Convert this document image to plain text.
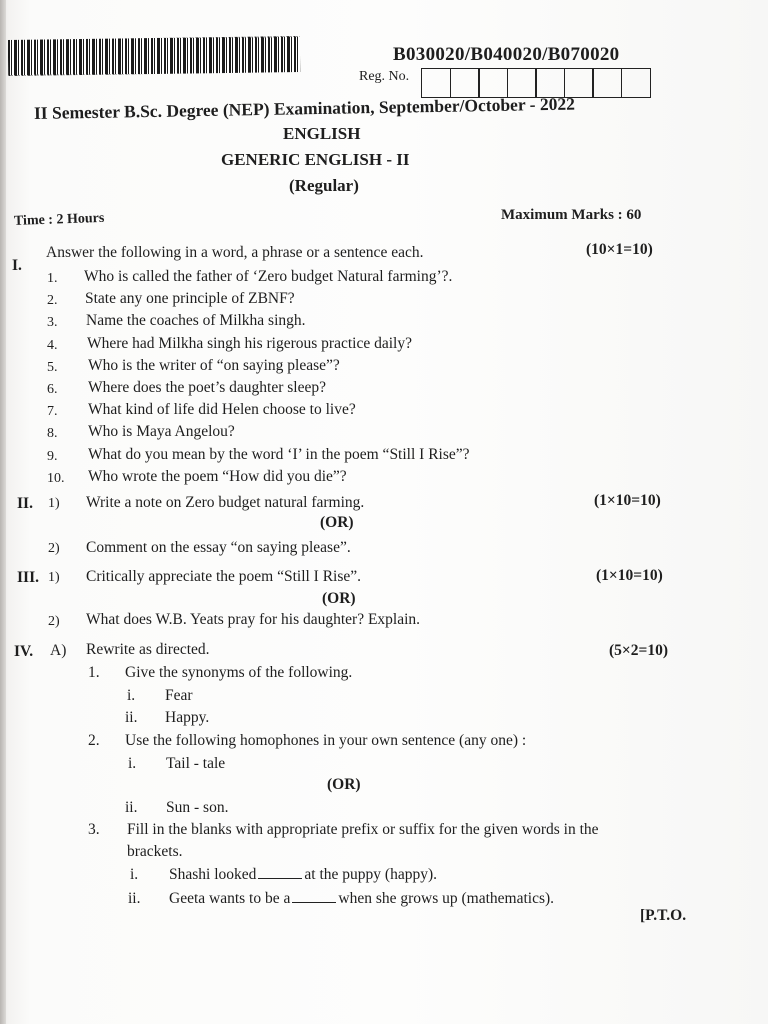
B030020/B040020/B070020
Reg. No.
II Semester B.Sc. Degree (NEP) Examination, September/October - 2022
ENGLISH
GENERIC ENGLISH - II
(Regular)
Time : 2 Hours	Maximum Marks : 60
I.
Answer the following in a word, a phrase or a sentence each.	(10×1=10)
1. Who is called the father of ‘Zero budget Natural farming’?.
2. State any one principle of ZBNF?
3. Name the coaches of Milkha singh.
4. Where had Milkha singh his rigerous practice daily?
5. Who is the writer of “on saying please”?
6. Where does the poet’s daughter sleep?
7. What kind of life did Helen choose to live?
8. Who is Maya Angelou?
9. What do you mean by the word ‘I’ in the poem “Still I Rise”?
10. Who wrote the poem “How did you die”?
II. 1) Write a note on Zero budget natural farming.	(1×10=10)
(OR)
2) Comment on the essay “on saying please”.
III. 1) Critically appreciate the poem “Still I Rise”.	(1×10=10)
(OR)
2) What does W.B. Yeats pray for his daughter? Explain.
IV. A) Rewrite as directed.	(5×2=10)
1. Give the synonyms of the following.
i. Fear
ii. Happy.
2. Use the following homophones in your own sentence (any one) :
i. Tail - tale
(OR)
ii. Sun - son.
3. Fill in the blanks with appropriate prefix or suffix for the given words in the
brackets.
i. Shashi looked	at the puppy (happy).
ii. Geeta wants to be a	when she grows up (mathematics).
[P.T.O.
